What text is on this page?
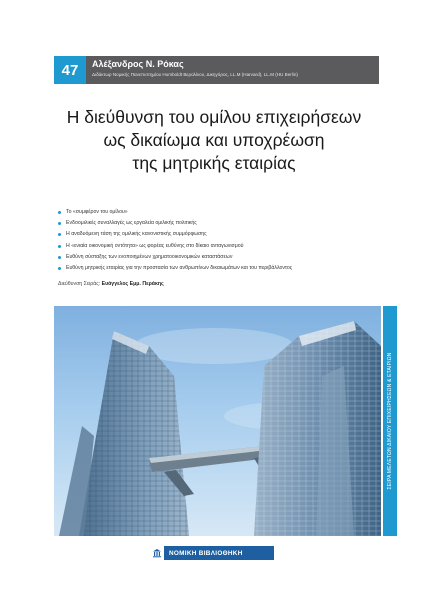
47	Αλέξανδρος Ν. Ρόκας
Διδάκτωρ Νομικής Πανεπιστημίου Humboldt Βερολίνου, Δικηγόρος, LL.M (Harvard), LL.M (HU Berlin)
Η διεύθυνση του ομίλου επιχειρήσεων
ως δικαίωμα και υποχρέωση
της μητρικής εταιρίας
Το «συμφέρον του ομίλου»
Ενδοομιλικές συναλλαγές ως εργαλεία ομιλικής πολιτικής
Η αναδυόμενη τάση της ομιλικής κανονιστικής συμμόρφωσης
Η «ενιαία οικονομική οντότητα» ως φορέας ευθύνης στο δίκαιο ανταγωνισμού
Ευθύνη σύσταξης των ενοποιημένων χρηματοοικονομικών καταστάσεων
Ευθύνη μητρικής εταιρίας για την προστασία των ανθρωπίνων δικαιωμάτων και του περιβάλλοντος
Διεύθυνση Σειράς: Ευάγγελος Εμμ. Περάκης
ΣΕΙΡΑ ΜΕΛΕΤΩΝ ΔΙΚΑΙΟΥ ΕΠΙΧΕΙΡΗΣΕΩΝ & ΕΤΑΙΡΙΩΝ
ΝΟΜΙΚΗ ΒΙΒΛΙΟΘΗΚΗ
